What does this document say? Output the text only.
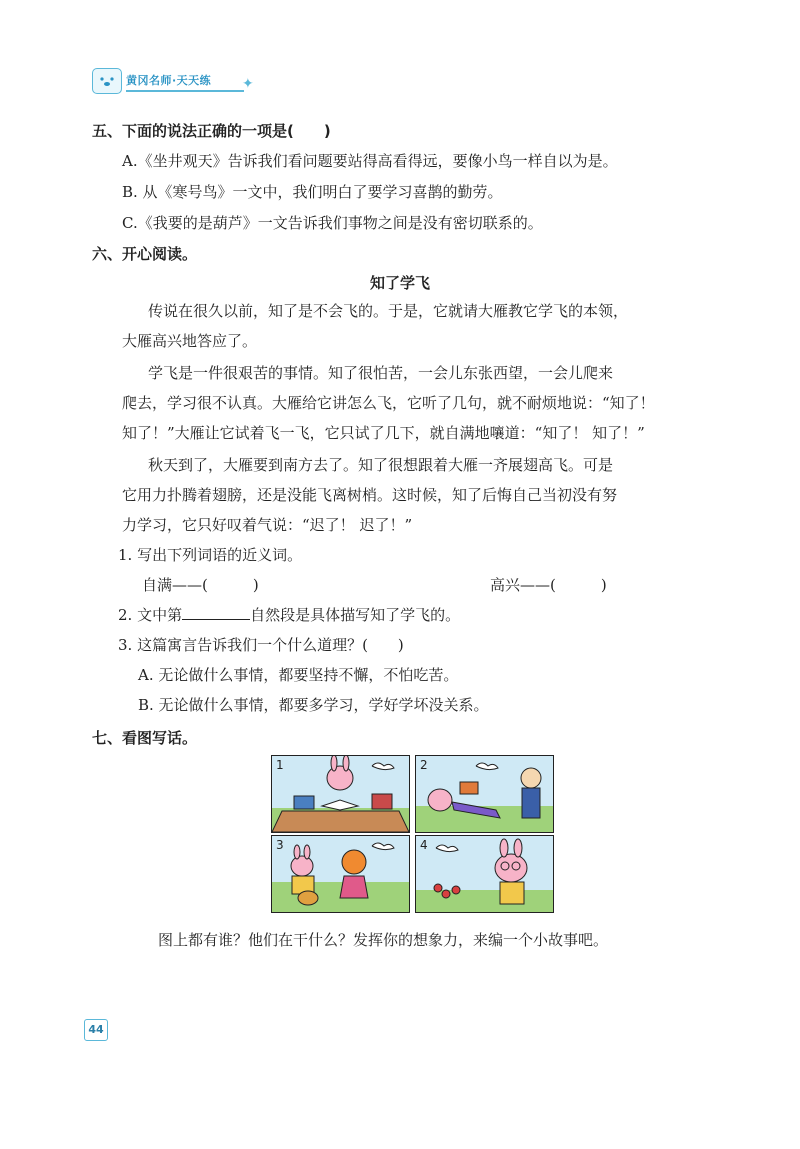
黄冈名师·天天练 ✦
五、下面的说法正确的一项是(　　)
A.《坐井观天》告诉我们看问题要站得高看得远，要像小鸟一样自以为是。
B. 从《寒号鸟》一文中，我们明白了要学习喜鹊的勤劳。
C.《我要的是葫芦》一文告诉我们事物之间是没有密切联系的。
六、开心阅读。
知了学飞
传说在很久以前，知了是不会飞的。于是，它就请大雁教它学飞的本领，
大雁高兴地答应了。
学飞是一件很艰苦的事情。知了很怕苦，一会儿东张西望，一会儿爬来
爬去，学习很不认真。大雁给它讲怎么飞，它听了几句，就不耐烦地说：“知了！
知了！”大雁让它试着飞一飞，它只试了几下，就自满地嚷道：“知了！ 知了！”
秋天到了，大雁要到南方去了。知了很想跟着大雁一齐展翅高飞。可是
它用力扑腾着翅膀，还是没能飞离树梢。这时候，知了后悔自己当初没有努
力学习，它只好叹着气说：“迟了！ 迟了！”
1. 写出下列词语的近义词。
自满——(　　　)	高兴——(　　　)
2. 文中第	自然段是具体描写知了学飞的。
3. 这篇寓言告诉我们一个什么道理？(　　)
A. 无论做什么事情，都要坚持不懈，不怕吃苦。
B. 无论做什么事情，都要多学习，学好学坏没关系。
七、看图写话。
1	2
3	4
图上都有谁？他们在干什么？发挥你的想象力，来编一个小故事吧。
44
